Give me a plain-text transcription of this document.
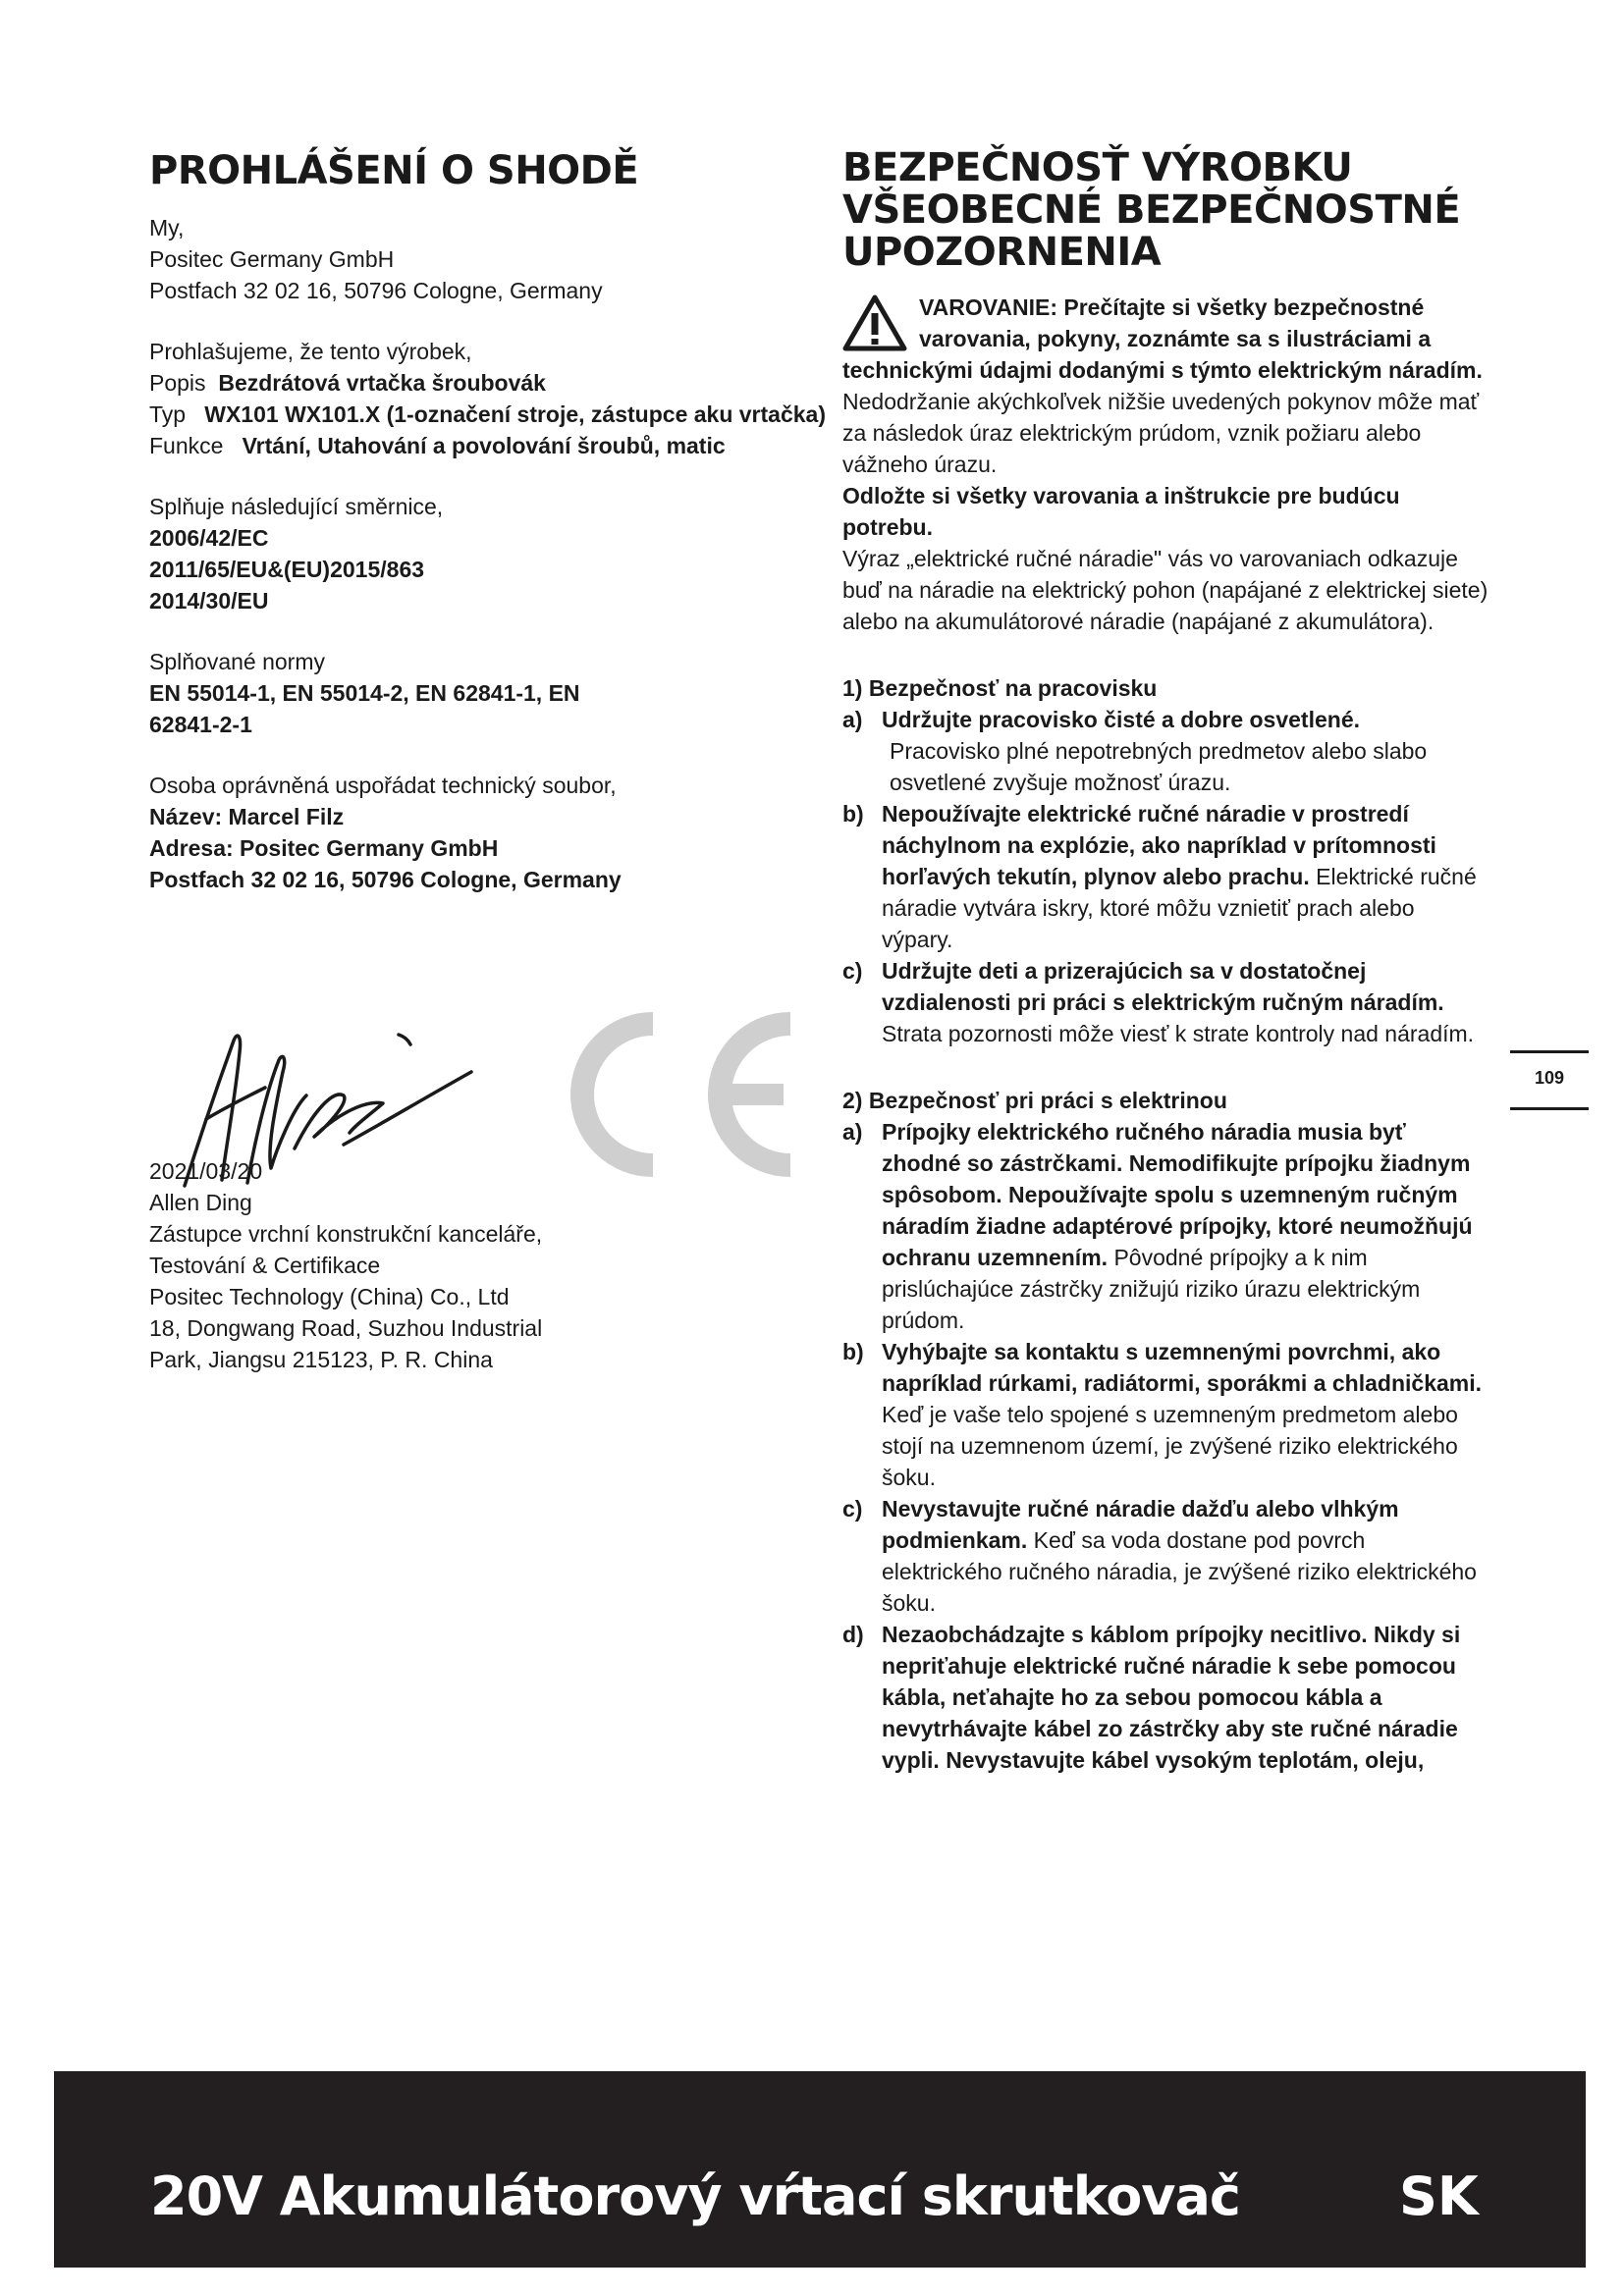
PROHLÁŠENÍ O SHODĚ

My,

Positec Germany GmbH

Postfach 32 02 16, 50796 Cologne, Germany

Prohlašujeme, že tento výrobek,

Popis Bezdrátová vrtačka šroubovák

Typ WX101 WX101.X (1-označení stroje, zástupce aku vrtačka)

Funkce Vrtání, Utahování a povolování šroubů, matic

Splňuje následující směrnice,

2006/42/EC

2011/65/EU&(EU)2015/863

2014/30/EU

Splňované normy

EN 55014-1, EN 55014-2, EN 62841-1, EN 62841-2-1

Osoba oprávněná uspořádat technický soubor,

Název: Marcel Filz

Adresa: Positec Germany GmbH

Postfach 32 02 16, 50796 Cologne, Germany

2021/03/20

Allen Ding

Zástupce vrchní konstrukční kanceláře,

Testování & Certifikace

Positec Technology (China) Co., Ltd

18, Dongwang Road, Suzhou Industrial

Park, Jiangsu 215123, P. R. China

BEZPEČNOSŤ VÝROBKU VŠEOBECNÉ BEZPEČNOSTNÉ UPOZORNENIA
VAROVANIE: Prečítajte si všetky bezpečnostné varovania, pokyny, zoznámte sa s ilustráciami a technickými údajmi dodanými s týmto elektrickým náradím. Nedodržanie akýchkoľvek nižšie uvedených pokynov môže mať za následok úraz elektrickým prúdom, vznik požiaru alebo vážneho úrazu.

Odložte si všetky varovania a inštrukcie pre budúcu potrebu.

Výraz „elektrické ručné náradie" vás vo varovaniach odkazuje buď na náradie na elektrický pohon (napájané z elektrickej siete) alebo na akumulátorové náradie (napájané z akumulátora).

1) Bezpečnosť na pracovisku
a) Udržujte pracovisko čisté a dobre osvetlené.
Pracovisko plné nepotrebných predmetov alebo slabo osvetlené zvyšuje možnosť úrazu.
b) Nepoužívajte elektrické ručné náradie v prostredí náchylnom na explózie, ako napríklad v prítomnosti horľavých tekutín, plynov alebo prachu. Elektrické ručné náradie vytvára iskry, ktoré môžu vznietiť prach alebo výpary.
c) Udržujte deti a prizerajúcich sa v dostatočnej vzdialenosti pri práci s elektrickým ručným náradím. Strata pozornosti môže viesť k strate kontroly nad náradím.
2) Bezpečnosť pri práci s elektrinou
a) Prípojky elektrického ručného náradia musia byť zhodné so zástrčkami. Nemodifikujte prípojku žiadnym spôsobom. Nepoužívajte spolu s uzemneným ručným náradím žiadne adaptérové prípojky, ktoré neumožňujú ochranu uzemnením. Pôvodné prípojky a k nim prislúchajúce zástrčky znižujú riziko úrazu elektrickým prúdom.
b) Vyhýbajte sa kontaktu s uzemnenými povrchmi, ako napríklad rúrkami, radiátormi, sporákmi a chladničkami. Keď je vaše telo spojené s uzemneným predmetom alebo stojí na uzemnenom území, je zvýšené riziko elektrického šoku.
c) Nevystavujte ručné náradie dažďu alebo vlhkým podmienkam. Keď sa voda dostane pod povrch elektrického ručného náradia, je zvýšené riziko elektrického šoku.
d) Nezaobchádzajte s káblom prípojky necitlivo. Nikdy si nepriťahuje elektrické ručné náradie k sebe pomocou kábla, neťahajte ho za sebou pomocou kábla a nevytrhávajte kábel zo zástrčky aby ste ručné náradie vypli. Nevystavujte kábel vysokým teplotám, oleju,
109
20V Akumulátorový vŕtací skrutkovač	SK
